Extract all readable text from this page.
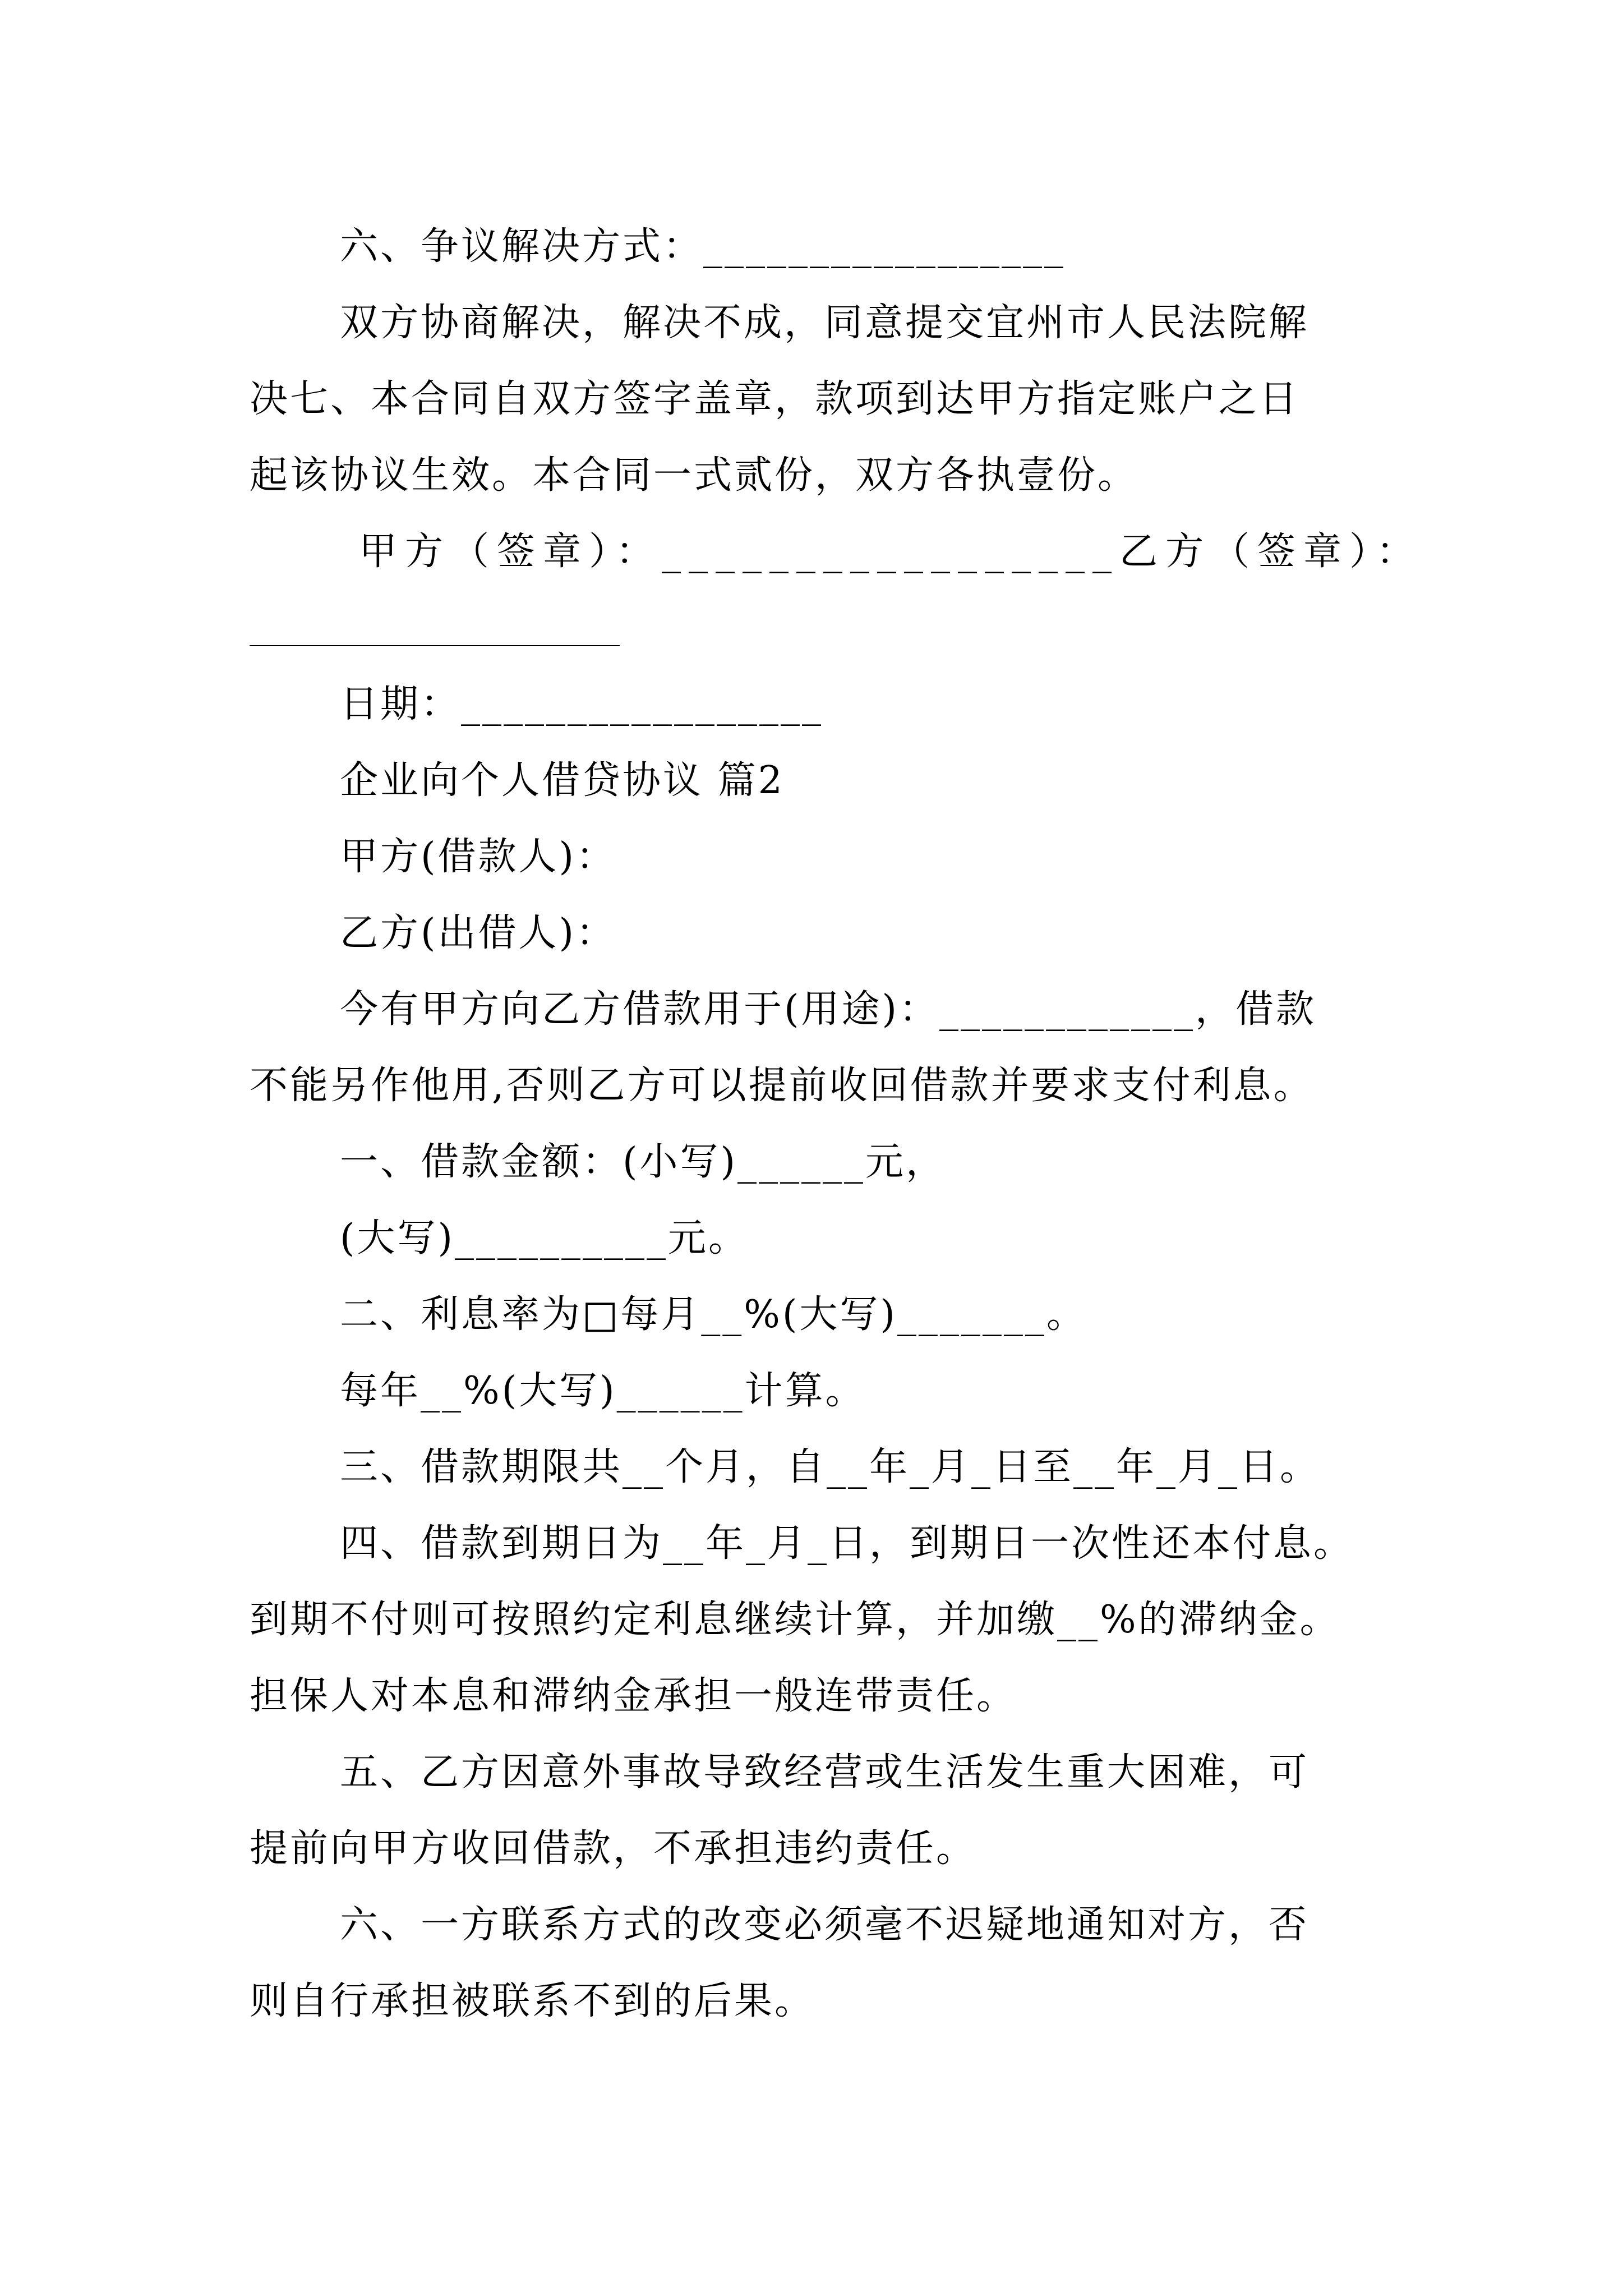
六、争议解决方式：_________________
双方协商解决，解决不成，同意提交宜州市人民法院解
决七、本合同自双方签字盖章，款项到达甲方指定账户之日
起该协议生效。本合同一式贰份，双方各执壹份。
甲方（签章）：_________________乙方（签章）：
日期：_________________
企业向个人借贷协议 篇2
甲方(借款人)：
乙方(出借人)：
今有甲方向乙方借款用于(用途)：____________，借款
不能另作他用,否则乙方可以提前收回借款并要求支付利息。
一、借款金额：(小写)______元，
(大写)__________元。
二、利息率为□每月__%(大写)_______。
每年__%(大写)______计算。
三、借款期限共__个月，自__年_月_日至__年_月_日。
四、借款到期日为__年_月_日，到期日一次性还本付息。
到期不付则可按照约定利息继续计算，并加缴__%的滞纳金。
担保人对本息和滞纳金承担一般连带责任。
五、乙方因意外事故导致经营或生活发生重大困难，可
提前向甲方收回借款，不承担违约责任。
六、一方联系方式的改变必须毫不迟疑地通知对方，否
则自行承担被联系不到的后果。
